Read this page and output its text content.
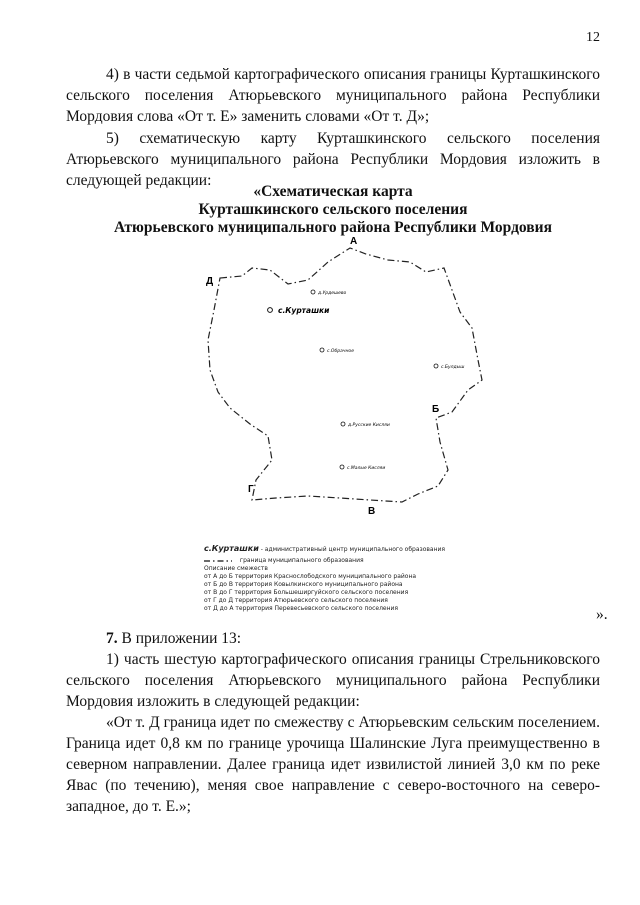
12

4) в части седьмой картографического описания границы Курташкинского сельского поселения Атюрьевского муниципального района Республики Мордовия слова «От т. Е» заменить словами «От т. Д»;

5) схематическую карту Курташкинского сельского поселения Атюрьевского муниципального района Республики Мордовия изложить в следующей редакции:

«Схематическая карта

Курташкинского сельского поселения

Атюрьевского муниципального района Республики Мордовия

А
Б
В
Г
Д
с.Курташки
д.Урдешево
с.Обрачное
с.Булдыш
д.Русские Кисляи
с.Малые Кисляи
с.Курташки - административный центр муниципального образования
граница муниципального образования
Описание смежеств
от А до Б территория Краснослободского муниципального района
от Б до В территория Ковылкинского муниципального района
от В до Г территория Большеширгуйского сельского поселения
от Г до Д территория Атюрьевского сельского поселения
от Д до А территория Перевесьевского сельского поселения	».

7. В приложении 13:

1) часть шестую картографического описания границы Стрельниковского сельского поселения Атюрьевского муниципального района Республики Мордовия изложить в следующей редакции:

«От т. Д граница идет по смежеству с Атюрьевским сельским поселением. Граница идет 0,8 км по границе урочища Шалинские Луга преимущественно в северном направлении. Далее граница идет извилистой линией 3,0 км по реке Явас (по течению), меняя свое направление с северо-восточного на северо-западное, до т. Е.»;
